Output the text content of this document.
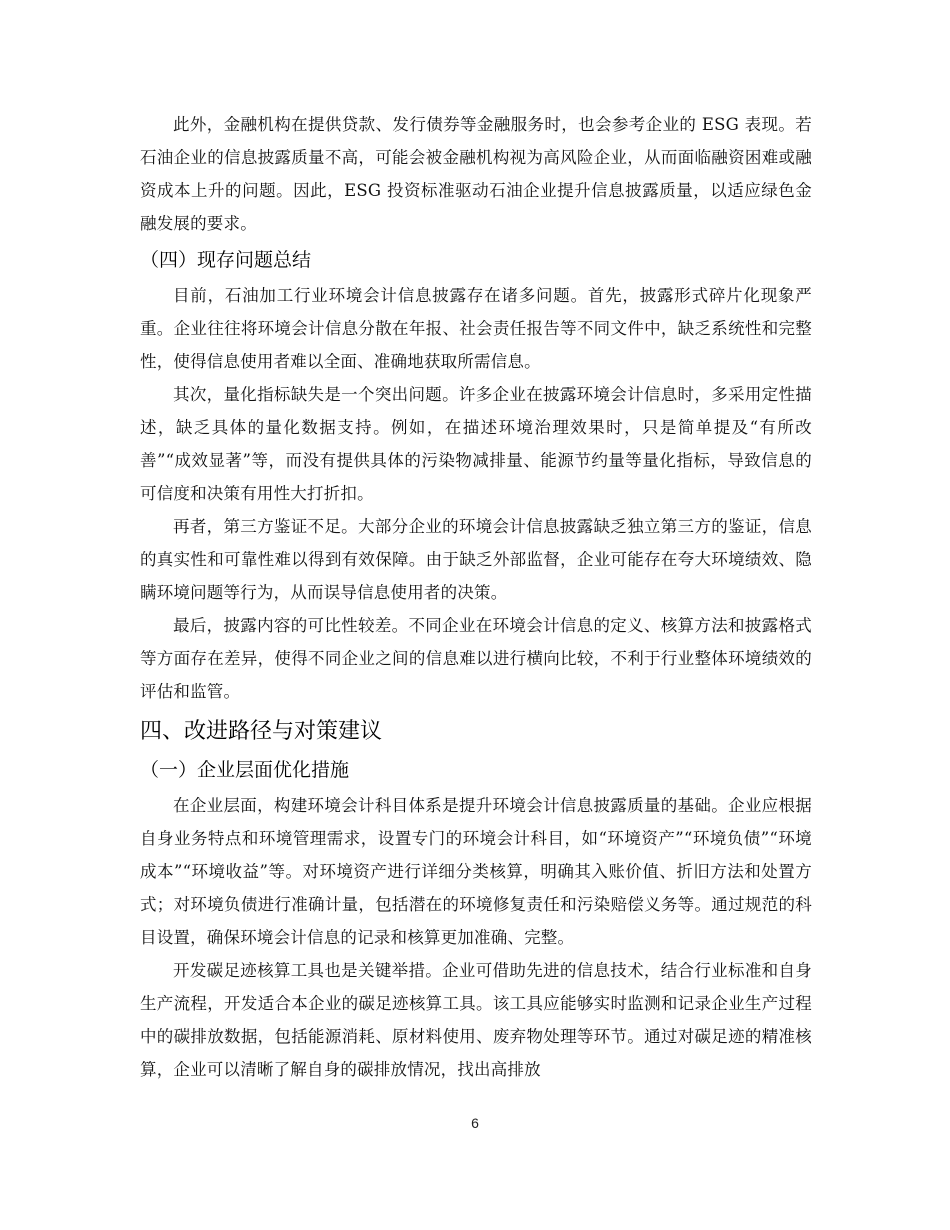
此外，金融机构在提供贷款、发行债券等金融服务时，也会参考企业的 ESG 表现。若石油企业的信息披露质量不高，可能会被金融机构视为高风险企业，从而面临融资困难或融资成本上升的问题。因此，ESG 投资标准驱动石油企业提升信息披露质量，以适应绿色金融发展的要求。

（四）现存问题总结

目前，石油加工行业环境会计信息披露存在诸多问题。首先，披露形式碎片化现象严重。企业往往将环境会计信息分散在年报、社会责任报告等不同文件中，缺乏系统性和完整性，使得信息使用者难以全面、准确地获取所需信息。

其次，量化指标缺失是一个突出问题。许多企业在披露环境会计信息时，多采用定性描述，缺乏具体的量化数据支持。例如，在描述环境治理效果时，只是简单提及“有所改善”“成效显著”等，而没有提供具体的污染物减排量、能源节约量等量化指标，导致信息的可信度和决策有用性大打折扣。

再者，第三方鉴证不足。大部分企业的环境会计信息披露缺乏独立第三方的鉴证，信息的真实性和可靠性难以得到有效保障。由于缺乏外部监督，企业可能存在夸大环境绩效、隐瞒环境问题等行为，从而误导信息使用者的决策。

最后，披露内容的可比性较差。不同企业在环境会计信息的定义、核算方法和披露格式等方面存在差异，使得不同企业之间的信息难以进行横向比较，不利于行业整体环境绩效的评估和监管。

四、改进路径与对策建议
（一）企业层面优化措施

在企业层面，构建环境会计科目体系是提升环境会计信息披露质量的基础。企业应根据自身业务特点和环境管理需求，设置专门的环境会计科目，如“环境资产”“环境负债”“环境成本”“环境收益”等。对环境资产进行详细分类核算，明确其入账价值、折旧方法和处置方式；对环境负债进行准确计量，包括潜在的环境修复责任和污染赔偿义务等。通过规范的科目设置，确保环境会计信息的记录和核算更加准确、完整。

开发碳足迹核算工具也是关键举措。企业可借助先进的信息技术，结合行业标准和自身生产流程，开发适合本企业的碳足迹核算工具。该工具应能够实时监测和记录企业生产过程中的碳排放数据，包括能源消耗、原材料使用、废弃物处理等环节。通过对碳足迹的精准核算，企业可以清晰了解自身的碳排放情况，找出高排放

6
